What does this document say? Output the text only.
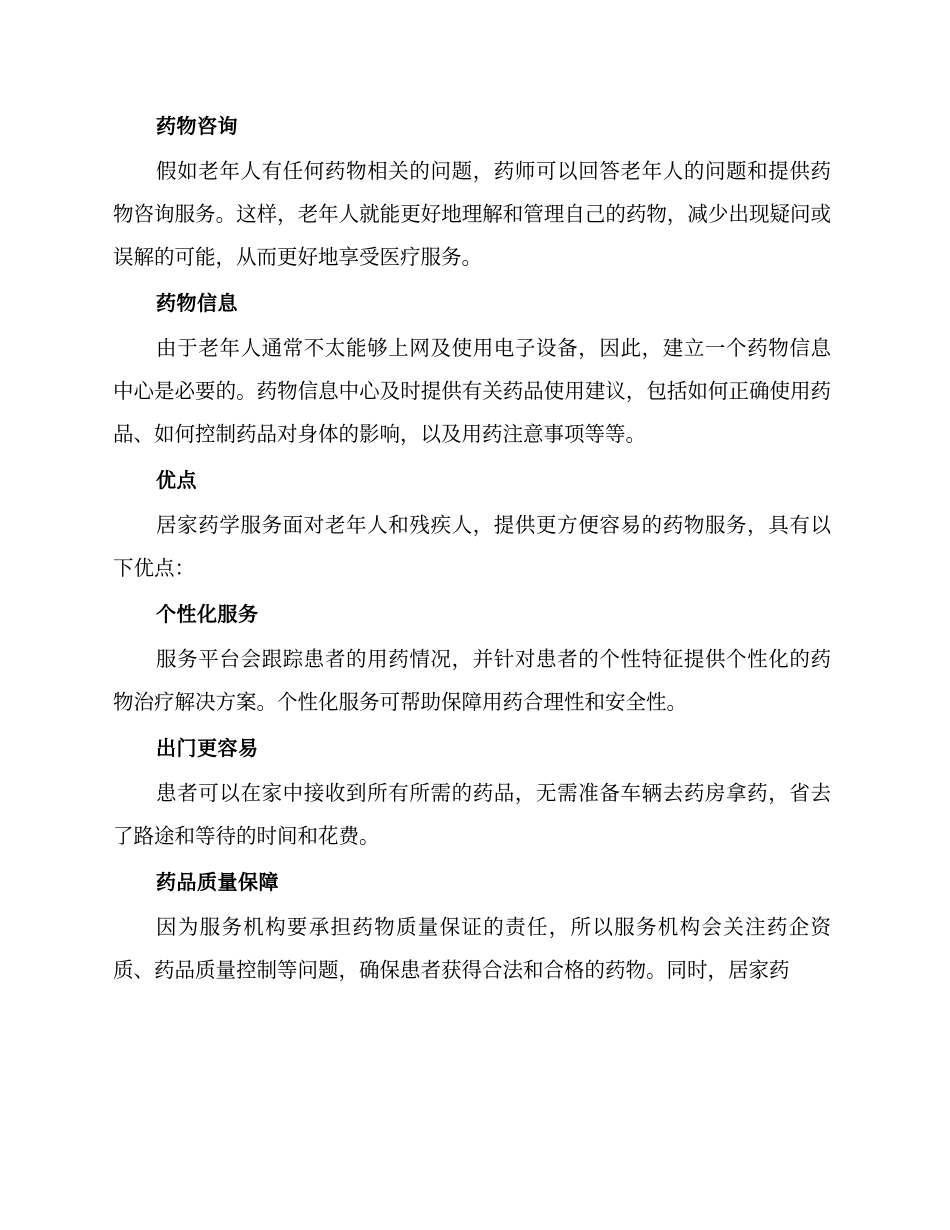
药物咨询

假如老年人有任何药物相关的问题，药师可以回答老年人的问题和提供药物咨询服务。这样，老年人就能更好地理解和管理自己的药物，减少出现疑问或误解的可能，从而更好地享受医疗服务。

药物信息

由于老年人通常不太能够上网及使用电子设备，因此，建立一个药物信息中心是必要的。药物信息中心及时提供有关药品使用建议，包括如何正确使用药品、如何控制药品对身体的影响，以及用药注意事项等等。

优点

居家药学服务面对老年人和残疾人，提供更方便容易的药物服务，具有以下优点：

个性化服务

服务平台会跟踪患者的用药情况，并针对患者的个性特征提供个性化的药物治疗解决方案。个性化服务可帮助保障用药合理性和安全性。

出门更容易

患者可以在家中接收到所有所需的药品，无需准备车辆去药房拿药，省去了路途和等待的时间和花费。

药品质量保障

因为服务机构要承担药物质量保证的责任，所以服务机构会关注药企资质、药品质量控制等问题，确保患者获得合法和合格的药物。同时，居家药
